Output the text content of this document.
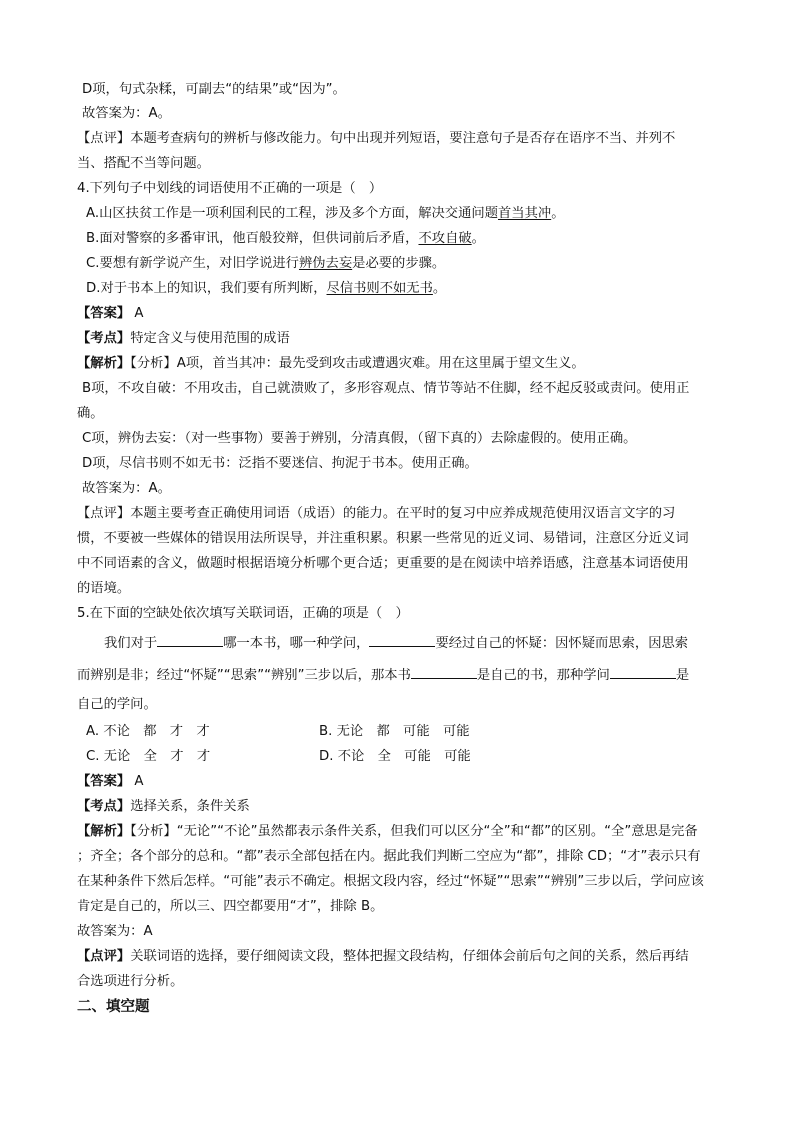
D项，句式杂糅，可副去“的结果”或“因为”。
故答案为：A。
【点评】本题考查病句的辨析与修改能力。句中出现并列短语，要注意句子是否存在语序不当、并列不
当、搭配不当等问题。
4.下列句子中划线的词语使用不正确的一项是（　）
A.山区扶贫工作是一项利国利民的工程，涉及多个方面，解决交通问题首当其冲。
B.面对警察的多番审讯，他百般狡辩，但供词前后矛盾，不攻自破。
C.要想有新学说产生，对旧学说进行辨伪去妄是必要的步骤。
D.对于书本上的知识，我们要有所判断，尽信书则不如无书。
【答案】 A
【考点】特定含义与使用范围的成语
【解析】【分析】A项，首当其冲：最先受到攻击或遭遇灾难。用在这里属于望文生义。
B项，不攻自破：不用攻击，自己就溃败了，多形容观点、情节等站不住脚，经不起反驳或责问。使用正
确。
C项，辨伪去妄：（对一些事物）要善于辨别，分清真假，（留下真的）去除虚假的。使用正确。
D项，尽信书则不如无书：泛指不要迷信、拘泥于书本。使用正确。
故答案为：A。
【点评】本题主要考查正确使用词语（成语）的能力。在平时的复习中应养成规范使用汉语言文字的习
惯，不要被一些媒体的错误用法所误导，并注重积累。积累一些常见的近义词、易错词，注意区分近义词
中不同语素的含义，做题时根据语境分析哪个更合适；更重要的是在阅读中培养语感，注意基本词语使用
的语境。
5.在下面的空缺处依次填写关联词语，正确的项是（　）
我们对于	哪一本书，哪一种学问，	要经过自己的怀疑：因怀疑而思索，因思索
而辨别是非；经过“怀疑”“思索”“辨别”三步以后，那本书	是自己的书，那种学问	是
自己的学问。
A. 不论　都　才　才	B. 无论　都　可能　可能
C. 无论　全　才　才	D. 不论　全　可能　可能
【答案】 A
【考点】选择关系，条件关系
【解析】【分析】“无论”“不论”虽然都表示条件关系，但我们可以区分“全”和“都”的区别。“全”意思是完备
；齐全；各个部分的总和。“都”表示全部包括在内。据此我们判断二空应为“都”，排除 CD；“才”表示只有
在某种条件下然后怎样。“可能”表示不确定。根据文段内容，经过“怀疑”“思索”“辨别”三步以后，学问应该
肯定是自己的，所以三、四空都要用“才”，排除 B。
故答案为：A
【点评】关联词语的选择，要仔细阅读文段，整体把握文段结构，仔细体会前后句之间的关系，然后再结
合选项进行分析。
二、填空题
